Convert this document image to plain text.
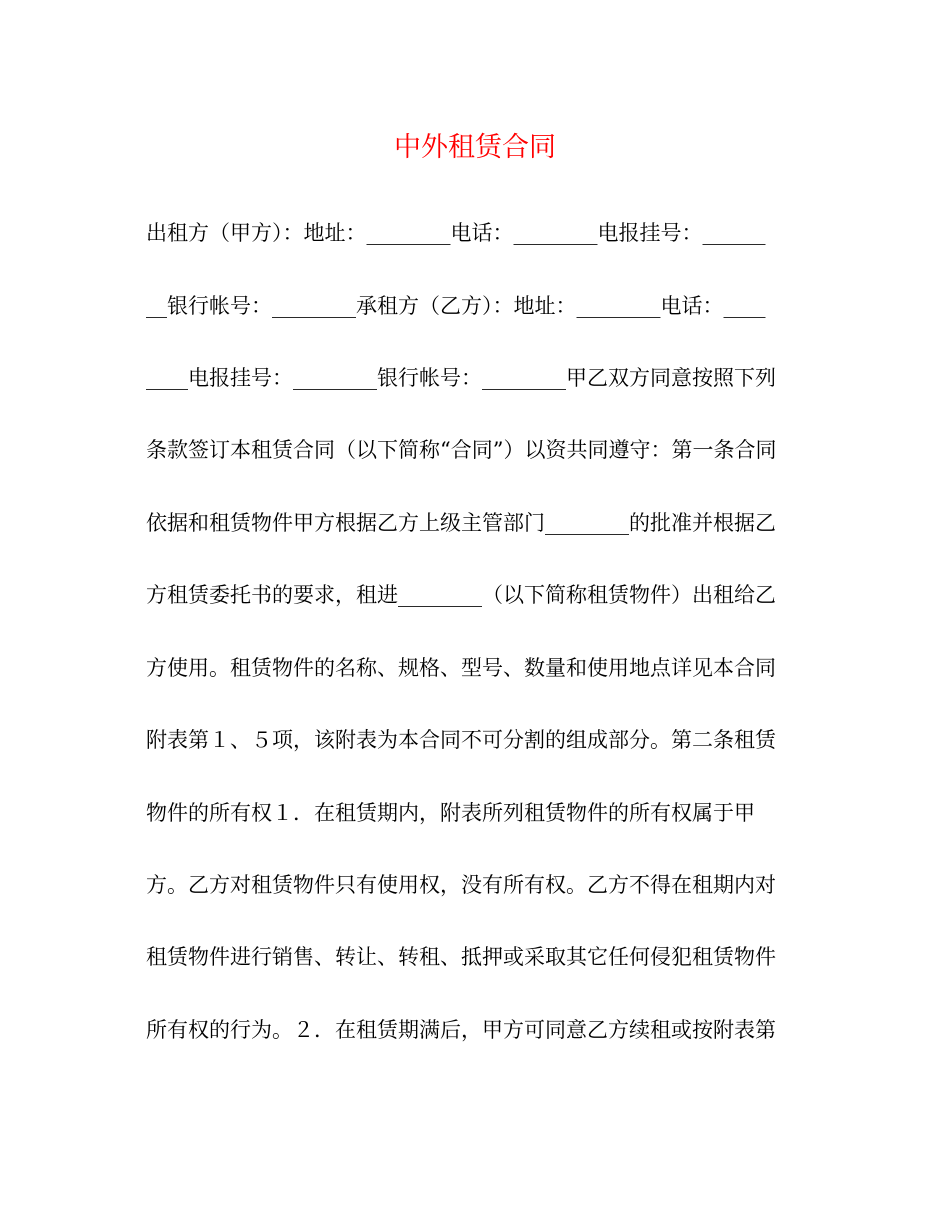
中外租赁合同
出租方（甲方）：地址：________电话：________电报挂号：______
__银行帐号：________承租方（乙方）：地址：________电话：____
____电报挂号：________银行帐号：________甲乙双方同意按照下列
条款签订本租赁合同（以下简称“合同”）以资共同遵守：第一条合同
依据和租赁物件甲方根据乙方上级主管部门________的批准并根据乙
方租赁委托书的要求，租进________（以下简称租赁物件）出租给乙
方使用。租赁物件的名称、规格、型号、数量和使用地点详见本合同
附表第１、５项，该附表为本合同不可分割的组成部分。第二条租赁
物件的所有权１．在租赁期内，附表所列租赁物件的所有权属于甲
方。乙方对租赁物件只有使用权，没有所有权。乙方不得在租期内对
租赁物件进行销售、转让、转租、抵押或采取其它任何侵犯租赁物件
所有权的行为。２．在租赁期满后，甲方可同意乙方续租或按附表第
